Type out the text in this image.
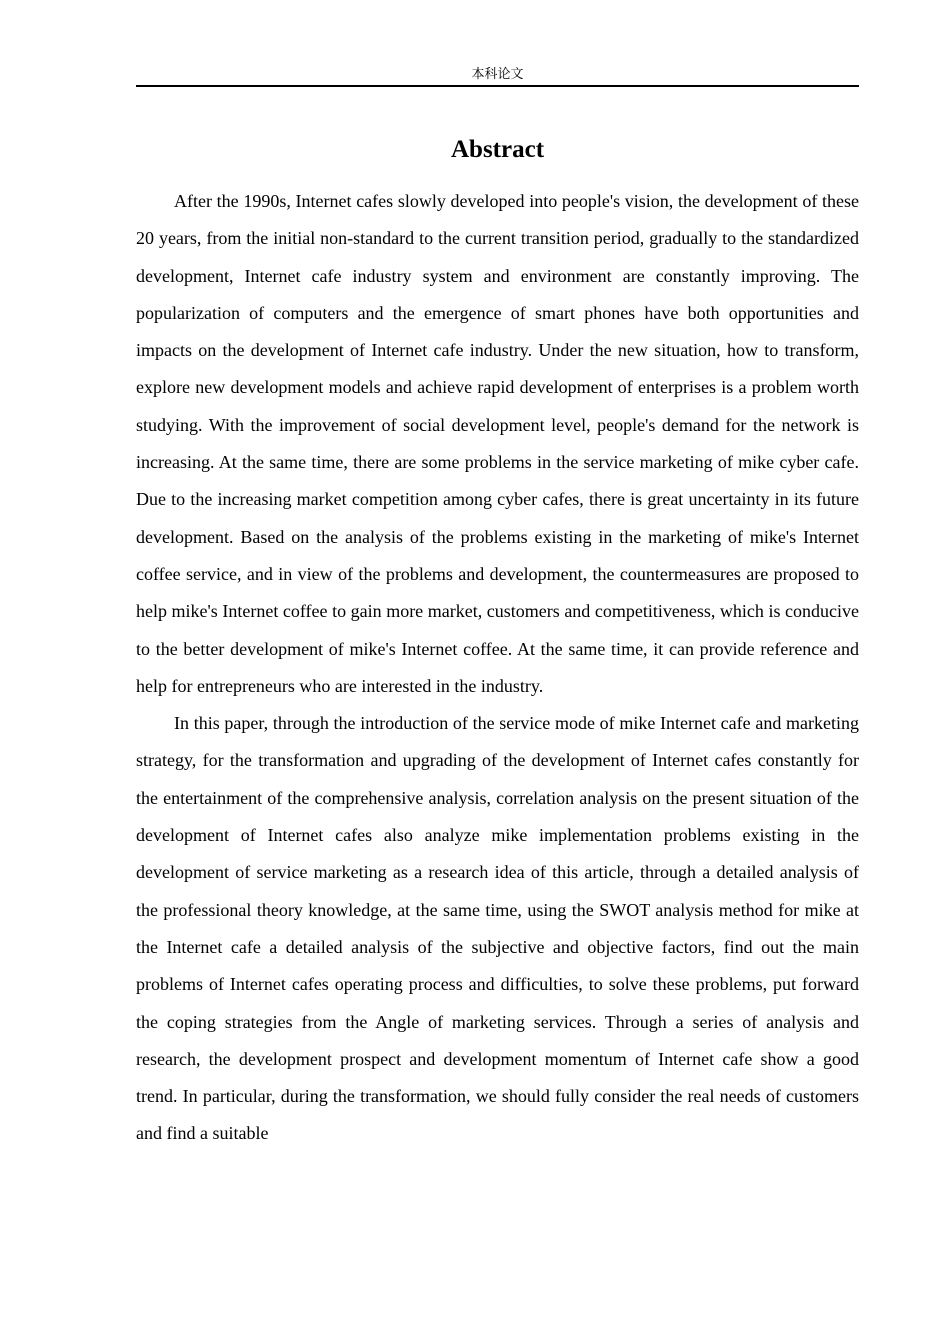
本科论文
Abstract

After the 1990s, Internet cafes slowly developed into people's vision, the development of these 20 years, from the initial non-standard to the current transition period, gradually to the standardized development, Internet cafe industry system and environment are constantly improving. The popularization of computers and the emergence of smart phones have both opportunities and impacts on the development of Internet cafe industry. Under the new situation, how to transform, explore new development models and achieve rapid development of enterprises is a problem worth studying. With the improvement of social development level, people's demand for the network is increasing. At the same time, there are some problems in the service marketing of mike cyber cafe. Due to the increasing market competition among cyber cafes, there is great uncertainty in its future development. Based on the analysis of the problems existing in the marketing of mike's Internet coffee service, and in view of the problems and development, the countermeasures are proposed to help mike's Internet coffee to gain more market, customers and competitiveness, which is conducive to the better development of mike's Internet coffee. At the same time, it can provide reference and help for entrepreneurs who are interested in the industry.

In this paper, through the introduction of the service mode of mike Internet cafe and marketing strategy, for the transformation and upgrading of the development of Internet cafes constantly for the entertainment of the comprehensive analysis, correlation analysis on the present situation of the development of Internet cafes also analyze mike implementation problems existing in the development of service marketing as a research idea of this article, through a detailed analysis of the professional theory knowledge, at the same time, using the SWOT analysis method for mike at the Internet cafe a detailed analysis of the subjective and objective factors, find out the main problems of Internet cafes operating process and difficulties, to solve these problems, put forward the coping strategies from the Angle of marketing services. Through a series of analysis and research, the development prospect and development momentum of Internet cafe show a good trend. In particular, during the transformation, we should fully consider the real needs of customers and find a suitable
